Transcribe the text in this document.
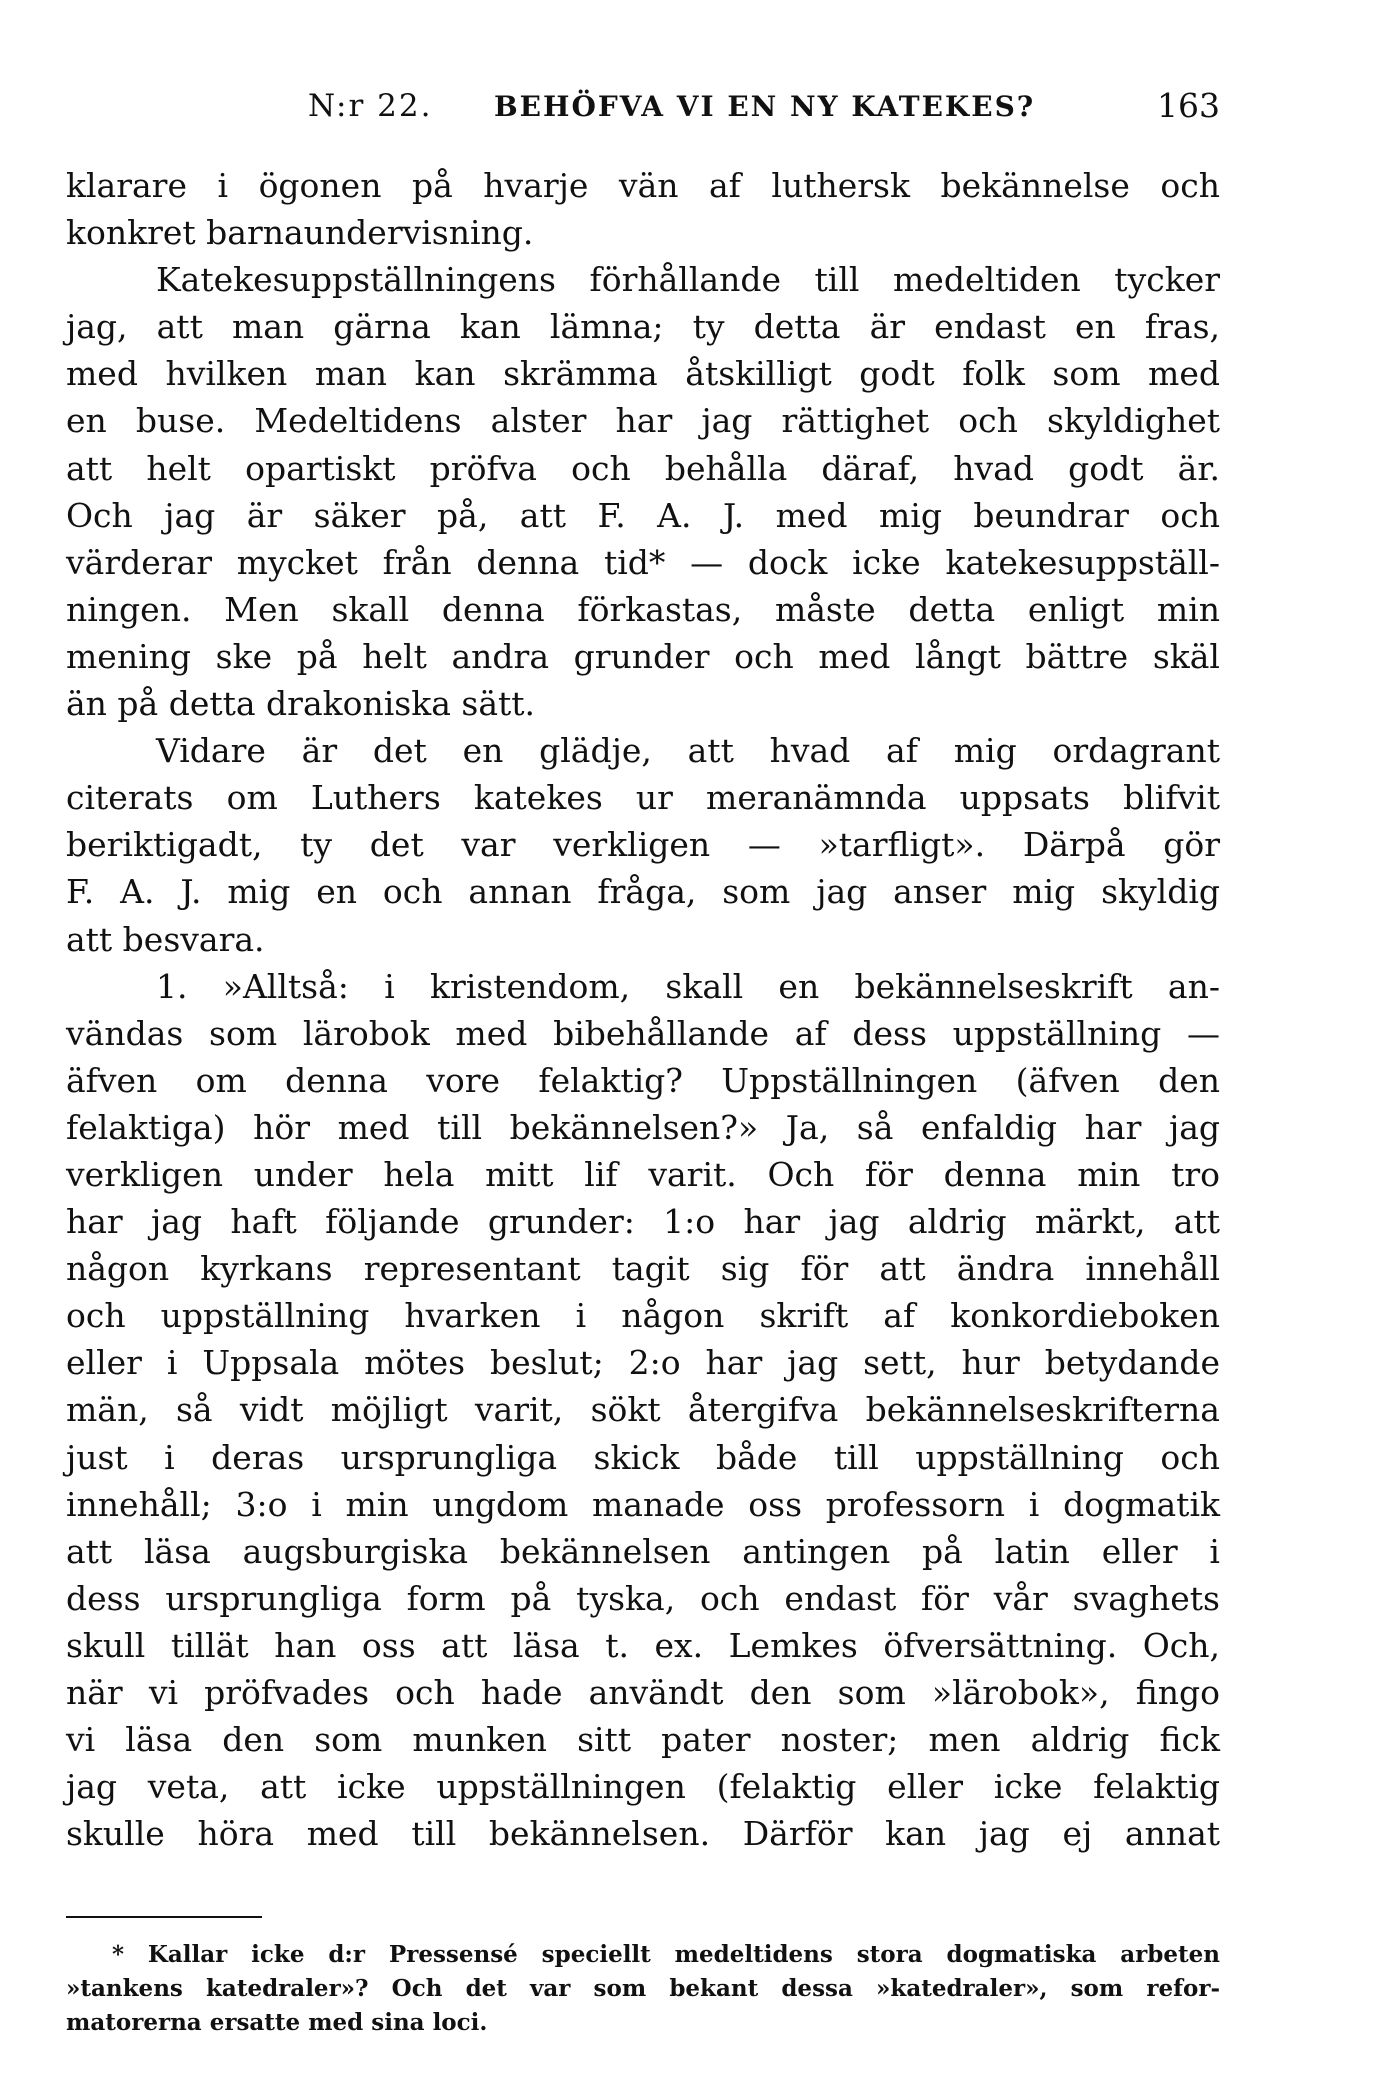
N:r 22. BEHÖFVA VI EN NY KATEKES?	163
klarare i ögonen på hvarje vän af luthersk bekännelse och
konkret barnaundervisning.
Katekesuppställningens förhållande till medeltiden tycker
jag, att man gärna kan lämna; ty detta är endast en fras,
med hvilken man kan skrämma åtskilligt godt folk som med
en buse. Medeltidens alster har jag rättighet och skyldighet
att helt opartiskt pröfva och behålla däraf, hvad godt är.
Och jag är säker på, att F. A. J. med mig beundrar och
värderar mycket från denna tid* — dock icke katekesuppställ-
ningen. Men skall denna förkastas, måste detta enligt min
mening ske på helt andra grunder och med långt bättre skäl
än på detta drakoniska sätt.
Vidare är det en glädje, att hvad af mig ordagrant
citerats om Luthers katekes ur meranämnda uppsats blifvit
beriktigadt, ty det var verkligen — »tarfligt». Därpå gör
F. A. J. mig en och annan fråga, som jag anser mig skyldig
att besvara.
1. »Alltså: i kristendom, skall en bekännelseskrift an-
vändas som lärobok med bibehållande af dess uppställning —
äfven om denna vore felaktig? Uppställningen (äfven den
felaktiga) hör med till bekännelsen?» Ja, så enfaldig har jag
verkligen under hela mitt lif varit. Och för denna min tro
har jag haft följande grunder: 1:o har jag aldrig märkt, att
någon kyrkans representant tagit sig för att ändra innehåll
och uppställning hvarken i någon skrift af konkordieboken
eller i Uppsala mötes beslut; 2:o har jag sett, hur betydande
män, så vidt möjligt varit, sökt återgifva bekännelseskrifterna
just i deras ursprungliga skick både till uppställning och
innehåll; 3:o i min ungdom manade oss professorn i dogmatik
att läsa augsburgiska bekännelsen antingen på latin eller i
dess ursprungliga form på tyska, och endast för vår svaghets
skull tillät han oss att läsa t. ex. Lemkes öfversättning. Och,
när vi pröfvades och hade användt den som »lärobok», fingo
vi läsa den som munken sitt pater noster; men aldrig fick
jag veta, att icke uppställningen (felaktig eller icke felaktig
skulle höra med till bekännelsen. Därför kan jag ej annat
* Kallar icke d:r Pressensé speciellt medeltidens stora dogmatiska arbeten
»tankens katedraler»? Och det var som bekant dessa »katedraler», som refor-
matorerna ersatte med sina loci.
